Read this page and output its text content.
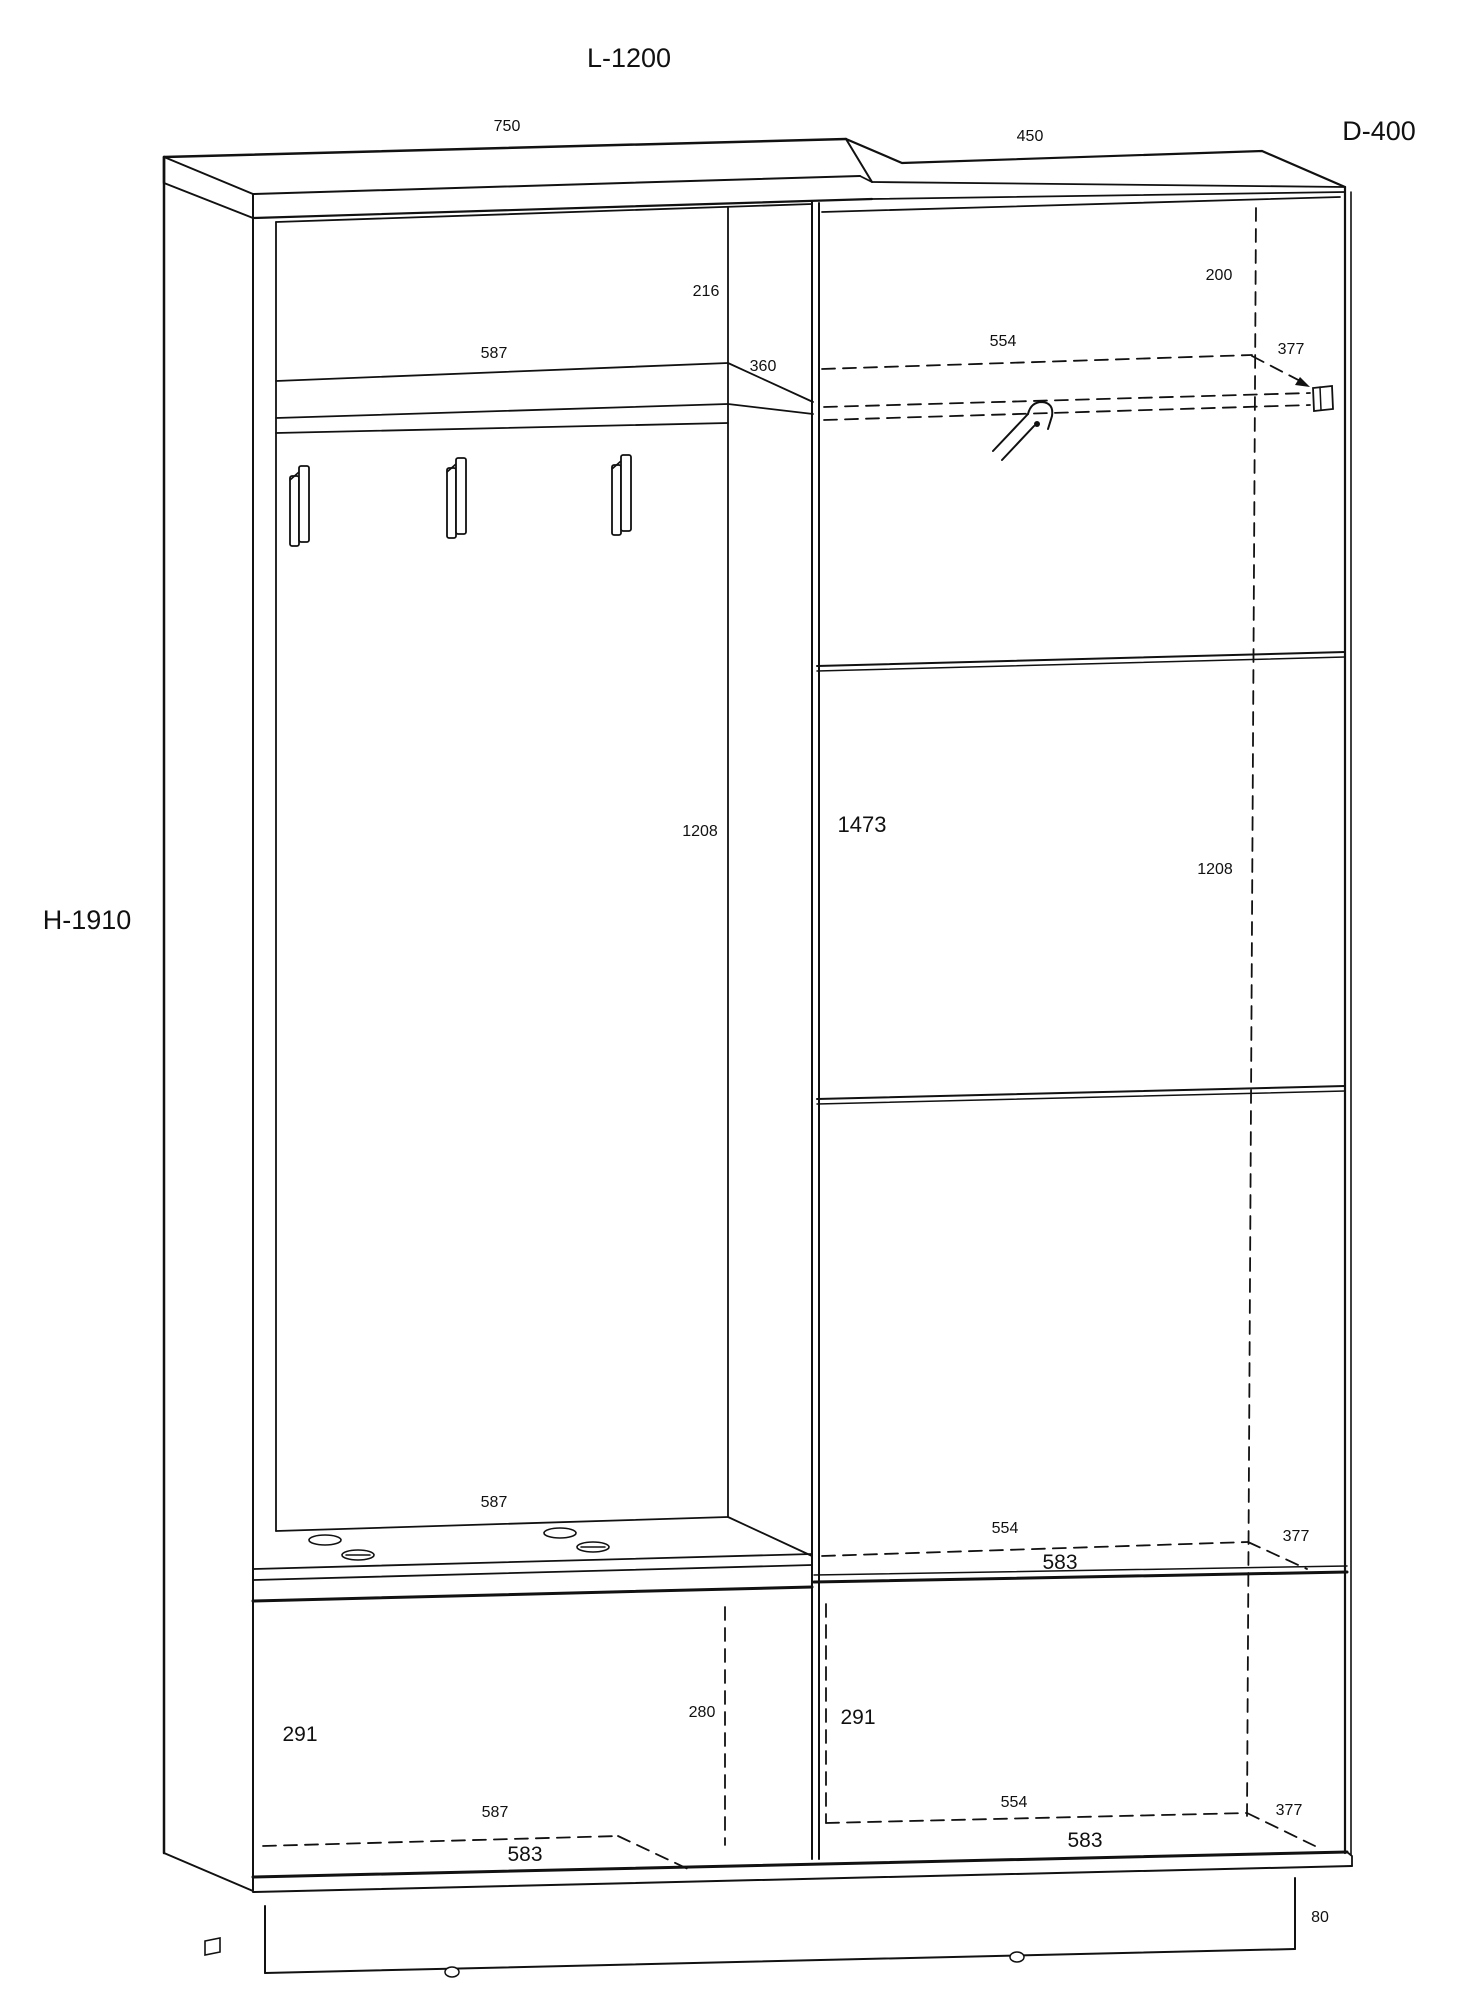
L-1200
D-400
H-1910
750
450
216
200
587
360
554	377
1208	1473
1208
587
554
583
377
291
280	291
587
583
554
583
377
80
